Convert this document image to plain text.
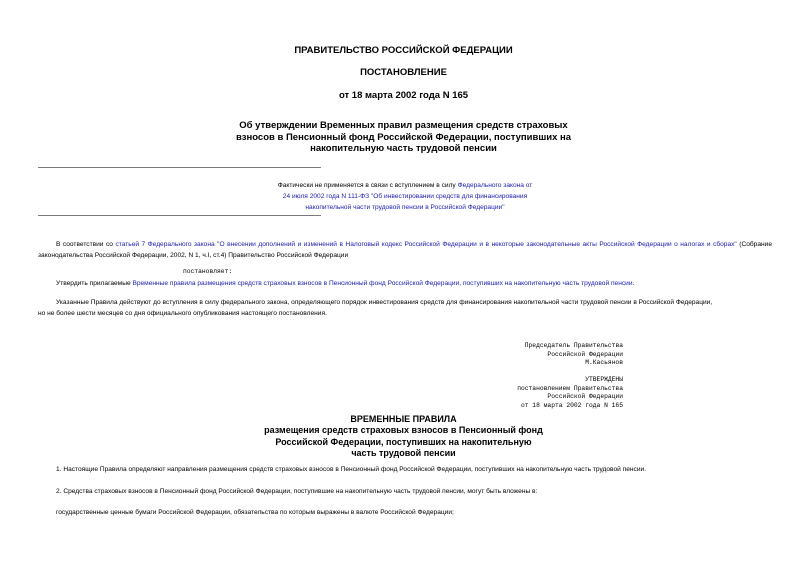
ПРАВИТЕЛЬСТВО РОССИЙСКОЙ ФЕДЕРАЦИИ
ПОСТАНОВЛЕНИЕ
от 18 марта 2002 года N 165
Об утверждении Временных правил размещения средств страховых
взносов в Пенсионный фонд Российской Федерации, поступивших на
накопительную часть трудовой пенсии
Фактически не применяется в связи с вступлением в силу Федерального закона от
24 июля 2002 года N 111-ФЗ "Об инвестировании средств для финансирования
накопительной части трудовой пенсии в Российской Федерации"
В соответствии со статьей 7 Федерального закона "О внесении дополнений и изменений в Налоговый кодекс Российской Федерации и в некоторые законодательные акты Российской Федерации о налогах и сборах" (Собрание законодательства Российской Федерации, 2002, N 1, ч.I, ст.4) Правительство Российской Федерации
постановляет:
Утвердить прилагаемые Временные правила размещения средств страховых взносов в Пенсионный фонд Российской Федерации, поступивших на накопительную часть трудовой пенсии.
Указанные Правила действуют до вступления в силу федерального закона, определяющего порядок инвестирования средств для финансирования накопительной части трудовой пенсии в Российской Федерации,
но не более шести месяцев со дня официального опубликования настоящего постановления.
Председатель Правительства
Российской Федерации
М.Касьянов
УТВЕРЖДЕНЫ
постановлением Правительства
Российской Федерации
от 18 марта 2002 года N 165
ВРЕМЕННЫЕ ПРАВИЛА
размещения средств страховых взносов в Пенсионный фонд
Российской Федерации, поступивших на накопительную
часть трудовой пенсии
1. Настоящие Правила определяют направления размещения средств страховых взносов в Пенсионный фонд Российской Федерации, поступивших на накопительную часть трудовой пенсии.
2. Средства страховых взносов в Пенсионный фонд Российской Федерации, поступившие на накопительную часть трудовой пенсии, могут быть вложены в:
государственные ценные бумаги Российской Федерации, обязательства по которым выражены в валюте Российской Федерации;
